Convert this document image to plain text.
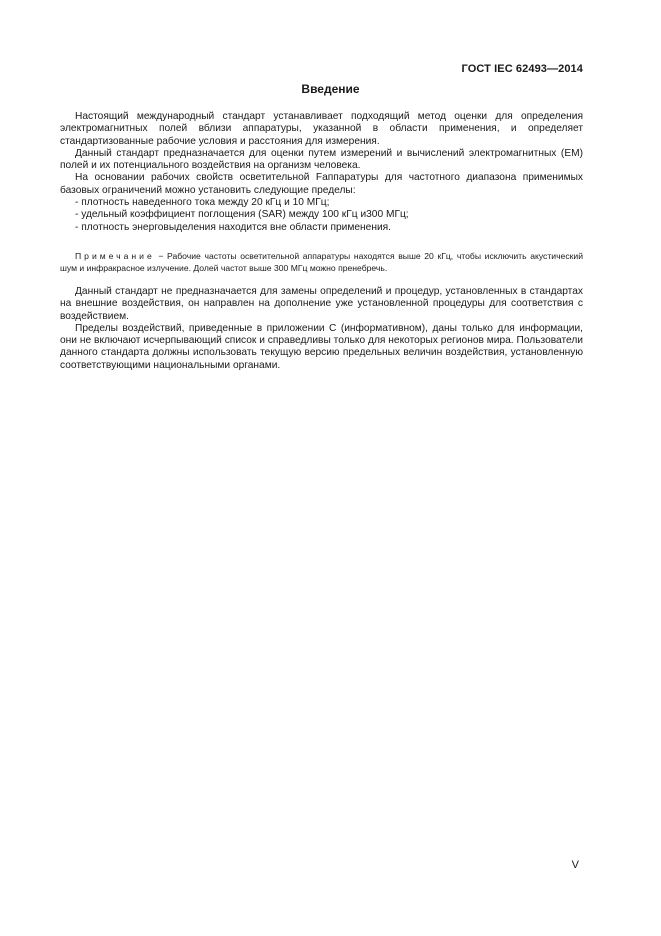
ГОСТ IEC 62493—2014
Введение

Настоящий международный стандарт устанавливает подходящий метод оценки для определения электромагнитных полей вблизи аппаратуры, указанной в области применения, и определяет стандартизованные рабочие условия и расстояния для измерения.

Данный стандарт предназначается для оценки путем измерений и вычислений электромагнитных (ЕМ) полей и их потенциального воздействия на организм человека.

На основании рабочих свойств осветительной Fаппаратуры для частотного диапазона применимых базовых ограничений можно установить следующие пределы:

- плотность наведенного тока между 20 кГц и 10 МГц;

- удельный коэффициент поглощения (SAR) между 100 кГц и300 МГц;

- плотность энерговыделения находится вне области применения.

Примечание − Рабочие частоты осветительной аппаратуры находятся выше 20 кГц, чтобы исключить акустический шум и инфракрасное излучение. Долей частот выше 300 МГц можно пренебречь.

Данный стандарт не предназначается для замены определений и процедур, установленных в стандартах на внешние воздействия, он направлен на дополнение уже установленной процедуры для соответствия с воздействием.

Пределы воздействий, приведенные в приложении С (информативном), даны только для информации, они не включают исчерпывающий список и справедливы только для некоторых регионов мира. Пользователи данного стандарта должны использовать текущую версию предельных величин воздействия, установленную соответствующими национальными органами.

V
